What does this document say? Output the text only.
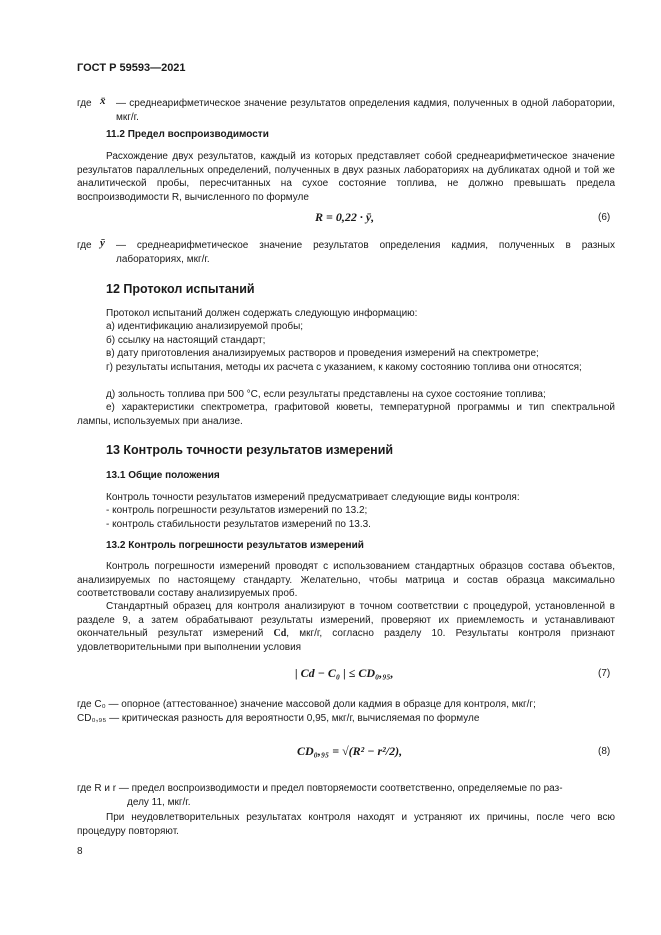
ГОСТ Р 59593—2021
где x̄ — среднеарифметическое значение результатов определения кадмия, полученных в одной лаборатории, мкг/г.
11.2 Предел воспроизводимости
Расхождение двух результатов, каждый из которых представляет собой среднеарифметическое значение результатов параллельных определений, полученных в двух разных лабораториях на дубликатах одной и той же аналитической пробы, пересчитанных на сухое состояние топлива, не должно превышать предела воспроизводимости R, вычисленного по формуле
R = 0,22 · ȳ,	(6)
где ȳ — среднеарифметическое значение результатов определения кадмия, полученных в разных лабораториях, мкг/г.
12 Протокол испытаний
Протокол испытаний должен содержать следующую информацию:
а) идентификацию анализируемой пробы;
б) ссылку на настоящий стандарт;
в) дату приготовления анализируемых растворов и проведения измерений на спектрометре;
г) результаты испытания, методы их расчета с указанием, к какому состоянию топлива они относятся;
д) зольность топлива при 500 °С, если результаты представлены на сухое состояние топлива;
е) характеристики спектрометра, графитовой кюветы, температурной программы и тип спектральной лампы, используемых при анализе.
13 Контроль точности результатов измерений
13.1 Общие положения
Контроль точности результатов измерений предусматривает следующие виды контроля:
- контроль погрешности результатов измерений по 13.2;
- контроль стабильности результатов измерений по 13.3.
13.2 Контроль погрешности результатов измерений
Контроль погрешности измерений проводят с использованием стандартных образцов состава объектов, анализируемых по настоящему стандарту. Желательно, чтобы матрица и состав образца максимально соответствовали составу анализируемых проб.
Стандартный образец для контроля анализируют в точном соответствии с процедурой, установленной в разделе 9, а затем обрабатывают результаты измерений, проверяют их приемлемость и устанавливают окончательный результат измерений Cd, мкг/г, согласно разделу 10. Результаты контроля признают удовлетворительными при выполнении условия
| Cd − C₀ | ≤ CD₀,₉₅,	(7)
где C₀ — опорное (аттестованное) значение массовой доли кадмия в образце для контроля, мкг/г;
CD₀,₉₅ — критическая разность для вероятности 0,95, мкг/г, вычисляемая по формуле
CD₀,₉₅ = √(R² − r²/2),	(8)
где R и r — предел воспроизводимости и предел повторяемости соответственно, определяемые по раз-
делу 11, мкг/г.
При неудовлетворительных результатах контроля находят и устраняют их причины, после чего всю процедуру повторяют.
8
